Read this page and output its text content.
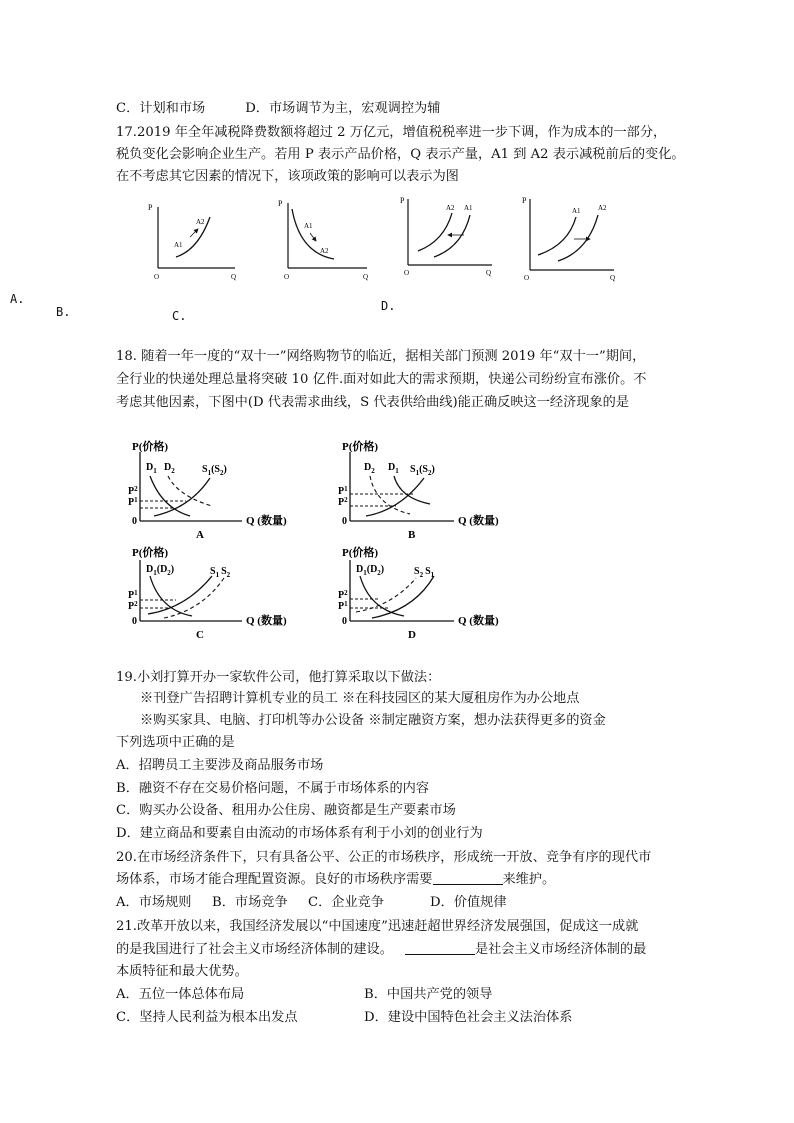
C．计划和市场	D．市场调节为主，宏观调控为辅
17.2019 年全年减税降费数额将超过 2 万亿元，增值税税率进一步下调，作为成本的一部分，
税负变化会影响企业生产。若用 P 表示产品价格，Q 表示产量，A1 到 A2 表示减税前后的变化。
在不考虑其它因素的情况下，该项政策的影响可以表示为图
P
O	Q
A1
A2
P
O	Q
A1
A2
P
O	Q
A2 A1
P
O	Q
A1 A2
A.
B.	C.
D.
18. 随着一年一度的“双十一”网络购物节的临近，据相关部门预测 2019 年“双十一”期间，
全行业的快递处理总量将突破 10 亿件.面对如此大的需求预期，快递公司纷纷宣布涨价。不
考虑其他因素，下图中(D 代表需求曲线，S 代表供给曲线)能正确反映这一经济现象的是
P(价格)
Q (数量)
0
$D_1$ $D_2$	$S_1(S_2)$
$P^2$
$P^1$
A
P(价格)
Q (数量)
0
$D_2$ $D_1$ $S_1(S_2)$
$P^1$
$P^2$
B
P(价格)
Q (数量)
0
$D_1(D_2)$	$S_1$ $S_2$
$P^1$
$P^2$
C
P(价格)
Q (数量)
0
$D_1(D_2)$	$S_2$ $S_1$
$P^2$
$P^1$
D
19.小刘打算开办一家软件公司，他打算采取以下做法：
※刊登广告招聘计算机专业的员工 ※在科技园区的某大厦租房作为办公地点
※购买家具、电脑、打印机等办公设备 ※制定融资方案，想办法获得更多的资金
下列选项中正确的是
A．招聘员工主要涉及商品服务市场
B．融资不存在交易价格问题，不属于市场体系的内容
C．购买办公设备、租用办公住房、融资都是生产要素市场
D．建立商品和要素自由流动的市场体系有利于小刘的创业行为
20.在市场经济条件下，只有具备公平、公正的市场秩序，形成统一开放、竞争有序的现代市
场体系，市场才能合理配置资源。良好的市场秩序需要	来维护。
A．市场规则 B．市场竞争 C．企业竞争	D．价值规律
21.改革开放以来，我国经济发展以“中国速度”迅速赶超世界经济发展强国，促成这一成就
的是我国进行了社会主义市场经济体制的建设。	是社会主义市场经济体制的最
本质特征和最大优势。
A．五位一体总体布局	B．中国共产党的领导
C．坚持人民利益为根本出发点	D．建设中国特色社会主义法治体系
